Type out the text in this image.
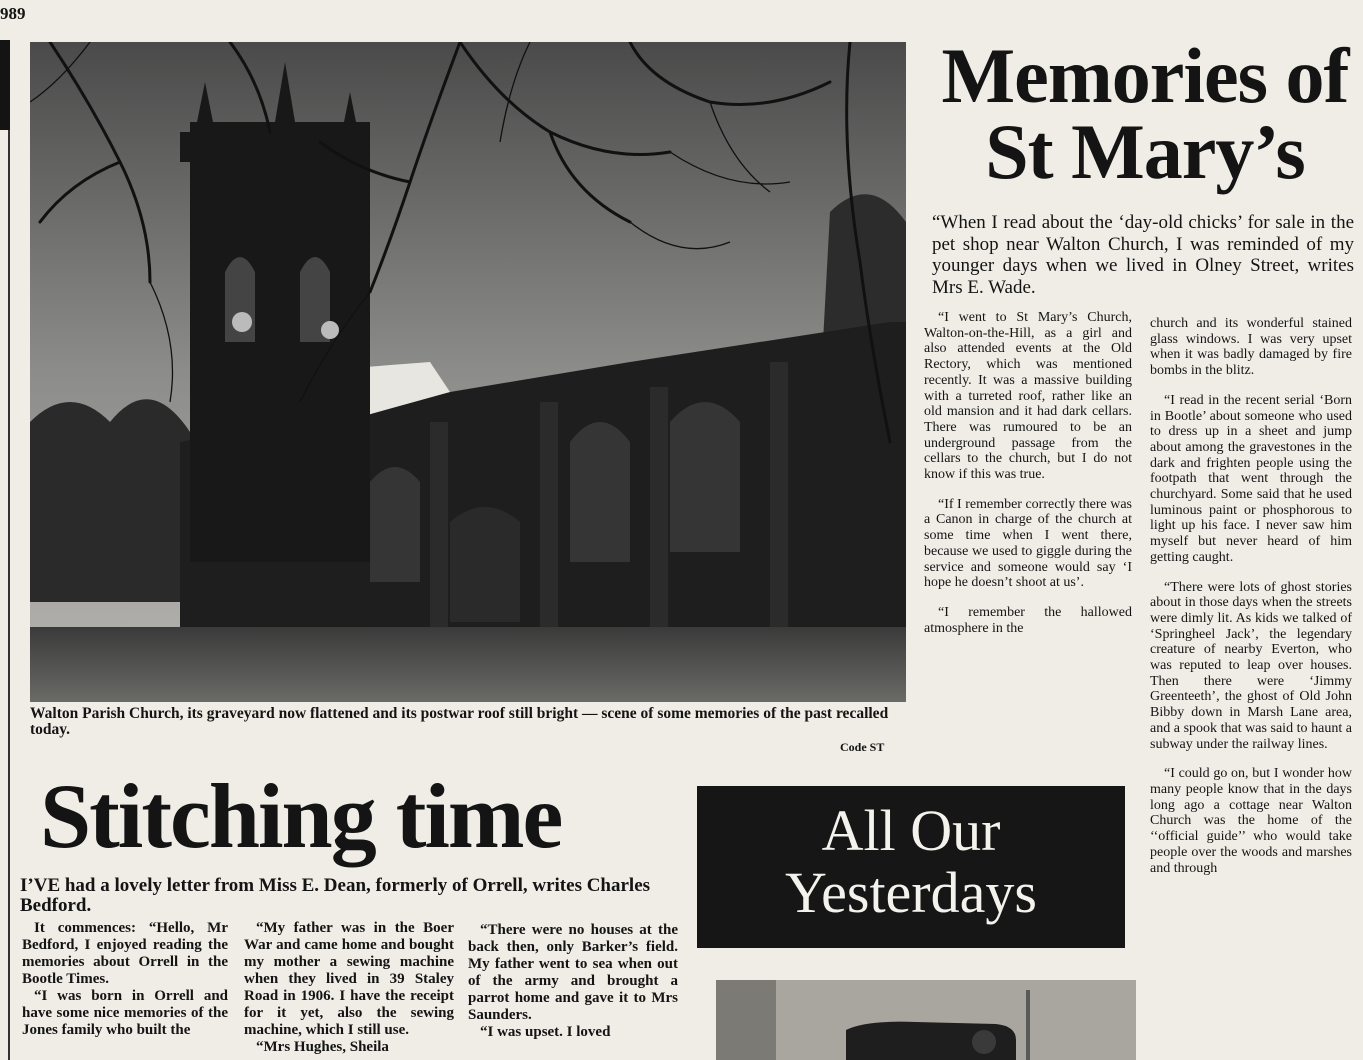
989
Walton Parish Church, its graveyard now flattened and its postwar roof still bright — scene of some memories of the past recalled today.
Code ST
Memories of
St Mary’s
“When I read about the ‘day-old chicks’ for sale in the pet shop near Walton Church, I was reminded of my younger days when we lived in Olney Street, writes Mrs E. Wade.

“I went to St Mary’s Church, Walton-on-the-Hill, as a girl and also attended events at the Old Rectory, which was mentioned recently. It was a massive building with a turreted roof, rather like an old mansion and it had dark cellars. There was rumoured to be an underground passage from the cellars to the church, but I do not know if this was true.

“If I remember correctly there was a Canon in charge of the church at some time when I went there, because we used to giggle during the service and someone would say ‘I hope he doesn’t shoot at us’.

“I remember the hallowed atmosphere in the

church and its wonderful stained glass windows. I was very upset when it was badly damaged by fire bombs in the blitz.

“I read in the recent serial ‘Born in Bootle’ about someone who used to dress up in a sheet and jump about among the gravestones in the dark and frighten people using the footpath that went through the churchyard. Some said that he used luminous paint or phosphorous to light up his face. I never saw him myself but never heard of him getting caught.

“There were lots of ghost stories about in those days when the streets were dimly lit. As kids we talked of ‘Springheel Jack’, the legendary creature of nearby Everton, who was reputed to leap over houses. Then there were ‘Jimmy Greenteeth’, the ghost of Old John Bibby down in Marsh Lane area, and a spook that was said to haunt a subway under the railway lines.

“I could go on, but I wonder how many people know that in the days long ago a cottage near Walton Church was the home of the ‘‘official guide’’ who would take people over the woods and marshes and through

Stitching time
I’VE had a lovely letter from Miss E. Dean, formerly of Orrell, writes Charles Bedford.

It commences: “Hello, Mr Bedford, I enjoyed reading the memories about Orrell in the Bootle Times.

“I was born in Orrell and have some nice memories of the Jones family who built the

“My father was in the Boer War and came home and bought my mother a sewing machine when they lived in 39 Staley Road in 1906. I have the receipt for it yet, also the sewing machine, which I still use.

“Mrs Hughes, Sheila

“There were no houses at the back then, only Barker’s field. My father went to sea when out of the army and brought a parrot home and gave it to Mrs Saunders.

“I was upset. I loved

All Our
Yesterdays
